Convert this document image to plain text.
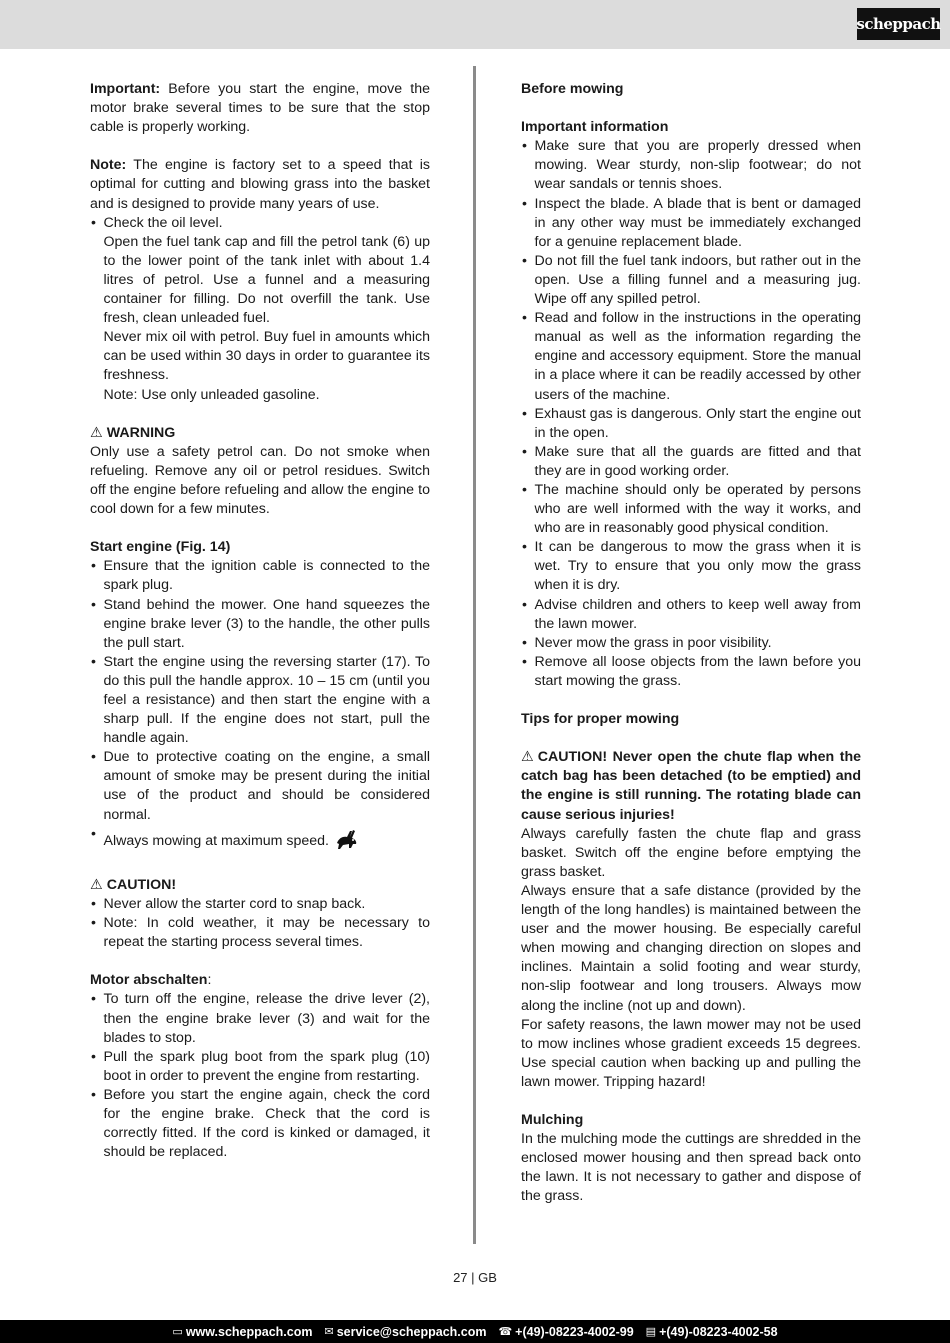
scheppach

Important: Before you start the engine, move the motor brake several times to be sure that the stop cable is properly working.

Note: The engine is factory set to a speed that is optimal for cutting and blowing grass into the basket and is designed to provide many years of use.

• Check the oil level.

Open the fuel tank cap and fill the petrol tank (6) up to the lower point of the tank inlet with about 1.4 litres of petrol. Use a funnel and a measuring container for filling. Do not overfill the tank. Use fresh, clean unleaded fuel.

Never mix oil with petrol. Buy fuel in amounts which can be used within 30 days in order to guarantee its freshness.

Note: Use only unleaded gasoline.

⚠ WARNING

Only use a safety petrol can. Do not smoke when refueling. Remove any oil or petrol residues. Switch off the engine before refueling and allow the engine to cool down for a few minutes.

Start engine (Fig. 14)

• Ensure that the ignition cable is connected to the spark plug.
• Stand behind the mower. One hand squeezes the engine brake lever (3) to the handle, the other pulls the pull start.
• Start the engine using the reversing starter (17). To do this pull the handle approx. 10 – 15 cm (until you feel a resistance) and then start the engine with a sharp pull. If the engine does not start, pull the handle again.
• Due to protective coating on the engine, a small amount of smoke may be present during the initial use of the product and should be considered normal.
• Always mowing at maximum speed.

⚠ CAUTION!

• Never allow the starter cord to snap back.
• Note: In cold weather, it may be necessary to repeat the starting process several times.

Motor abschalten:

• To turn off the engine, release the drive lever (2), then the engine brake lever (3) and wait for the blades to stop.
• Pull the spark plug boot from the spark plug (10) boot in order to prevent the engine from restarting.
• Before you start the engine again, check the cord for the engine brake. Check that the cord is correctly fitted. If the cord is kinked or damaged, it should be replaced.

Before mowing

Important information

• Make sure that you are properly dressed when mowing. Wear sturdy, non-slip footwear; do not wear sandals or tennis shoes.
• Inspect the blade. A blade that is bent or damaged in any other way must be immediately exchanged for a genuine replacement blade.
• Do not fill the fuel tank indoors, but rather out in the open. Use a filling funnel and a measuring jug. Wipe off any spilled petrol.
• Read and follow in the instructions in the operating manual as well as the information regarding the engine and accessory equipment. Store the manual in a place where it can be readily accessed by other users of the machine.
• Exhaust gas is dangerous. Only start the engine out in the open.
• Make sure that all the guards are fitted and that they are in good working order.
• The machine should only be operated by persons who are well informed with the way it works, and who are in reasonably good physical condition.
• It can be dangerous to mow the grass when it is wet. Try to ensure that you only mow the grass when it is dry.
• Advise children and others to keep well away from the lawn mower.
• Never mow the grass in poor visibility.
• Remove all loose objects from the lawn before you start mowing the grass.

Tips for proper mowing

⚠ CAUTION! Never open the chute flap when the catch bag has been detached (to be emptied) and the engine is still running. The rotating blade can cause serious injuries!

Always carefully fasten the chute flap and grass basket. Switch off the engine before emptying the grass basket.

Always ensure that a safe distance (provided by the length of the long handles) is maintained between the user and the mower housing. Be especially careful when mowing and changing direction on slopes and inclines. Maintain a solid footing and wear sturdy, non-slip footwear and long trousers. Always mow along the incline (not up and down).

For safety reasons, the lawn mower may not be used to mow inclines whose gradient exceeds 15 degrees. Use special caution when backing up and pulling the lawn mower. Tripping hazard!

Mulching

In the mulching mode the cuttings are shredded in the enclosed mower housing and then spread back onto the lawn. It is not necessary to gather and dispose of the grass.

27 | GB
▭ www.scheppach.com ✉ service@scheppach.com ☎ +(49)-08223-4002-99 ▤ +(49)-08223-4002-58
